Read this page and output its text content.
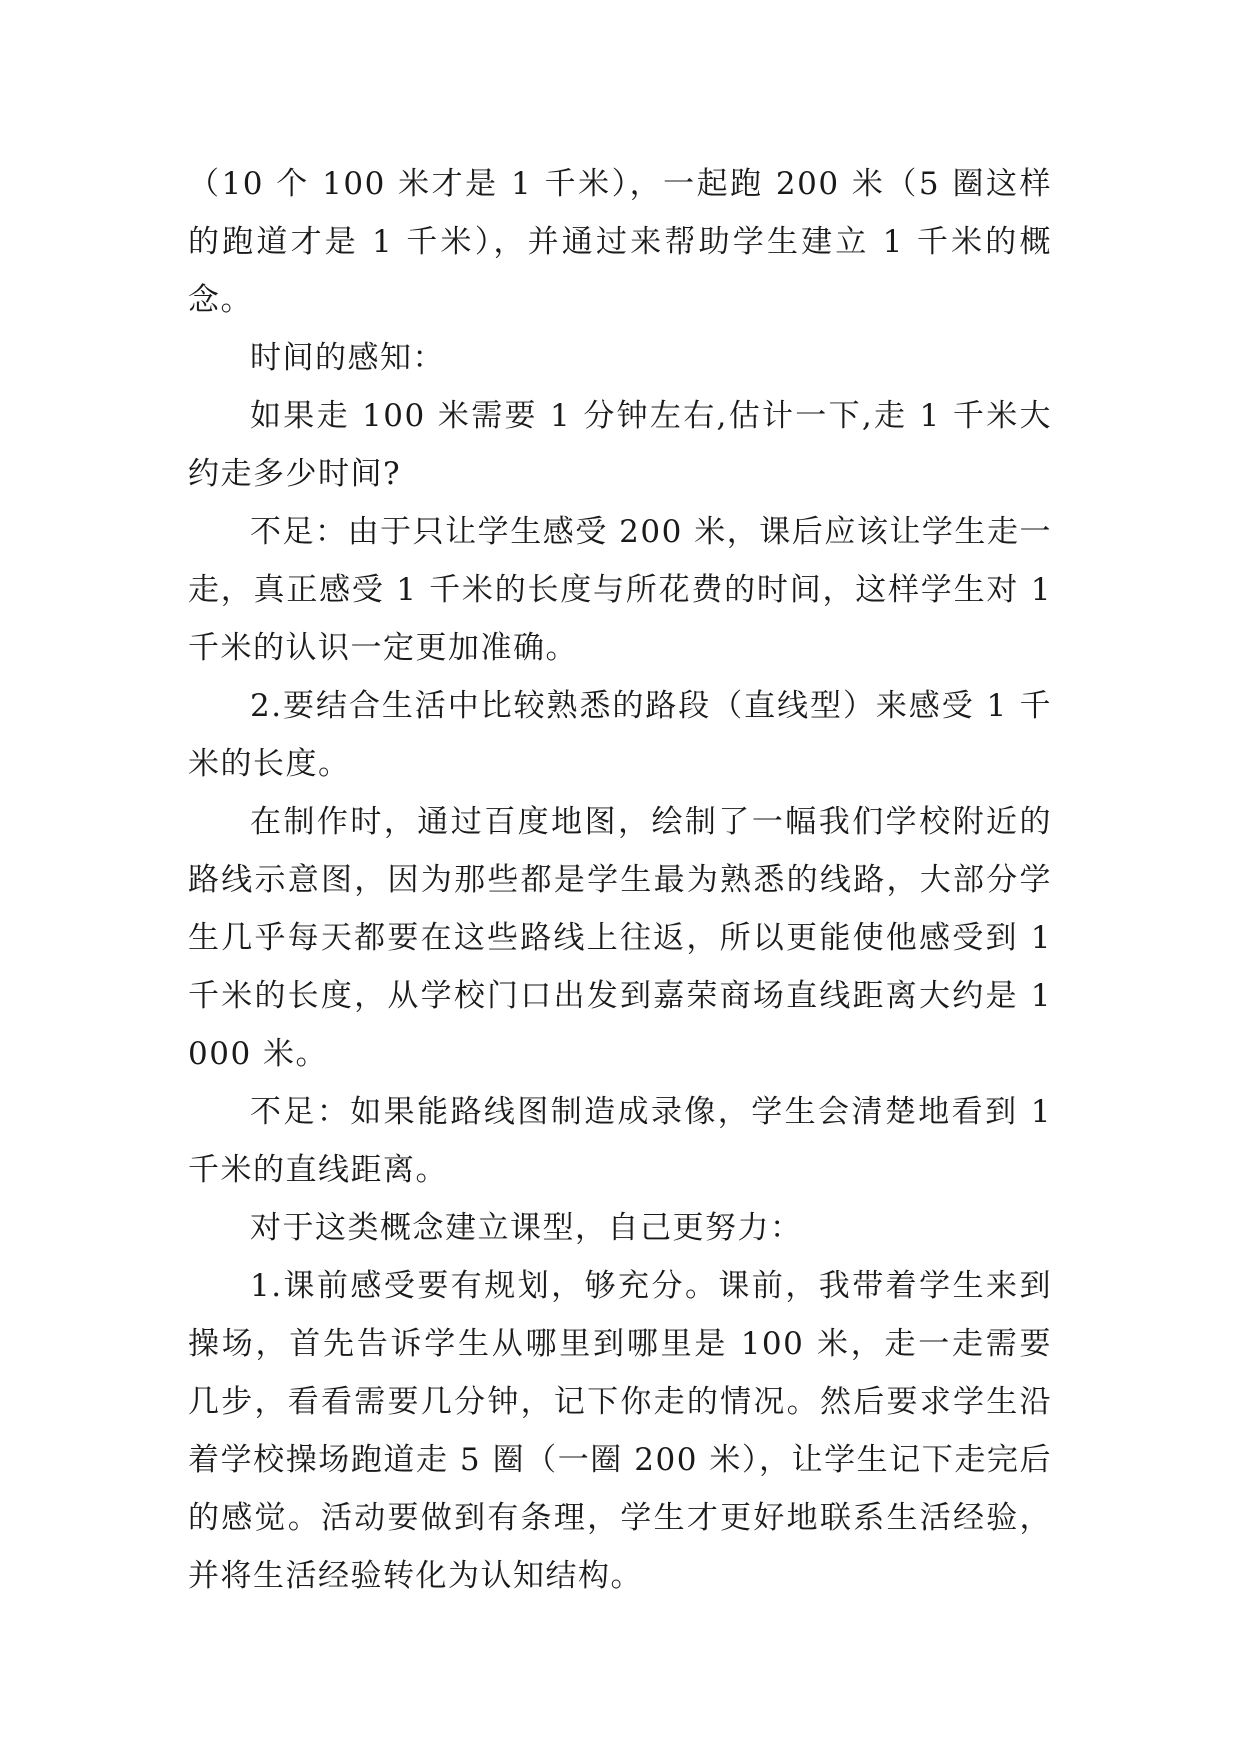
（10 个 100 米才是 1 千米），一起跑 200 米（5 圈这样的跑道才是 1 千米），并通过来帮助学生建立 1 千米的概念。

时间的感知：

如果走 100 米需要 1 分钟左右,估计一下,走 1 千米大约走多少时间?

不足：由于只让学生感受 200 米，课后应该让学生走一走，真正感受 1 千米的长度与所花费的时间，这样学生对 1 千米的认识一定更加准确。

2.要结合生活中比较熟悉的路段（直线型）来感受 1 千米的长度。

在制作时，通过百度地图，绘制了一幅我们学校附近的路线示意图，因为那些都是学生最为熟悉的线路，大部分学生几乎每天都要在这些路线上往返，所以更能使他感受到 1 千米的长度，从学校门口出发到嘉荣商场直线距离大约是 1000 米。

不足：如果能路线图制造成录像，学生会清楚地看到 1 千米的直线距离。

对于这类概念建立课型，自己更努力：

1.课前感受要有规划，够充分。课前，我带着学生来到操场，首先告诉学生从哪里到哪里是 100 米，走一走需要几步，看看需要几分钟，记下你走的情况。然后要求学生沿着学校操场跑道走 5 圈（一圈 200 米），让学生记下走完后的感觉。活动要做到有条理，学生才更好地联系生活经验，并将生活经验转化为认知结构。
